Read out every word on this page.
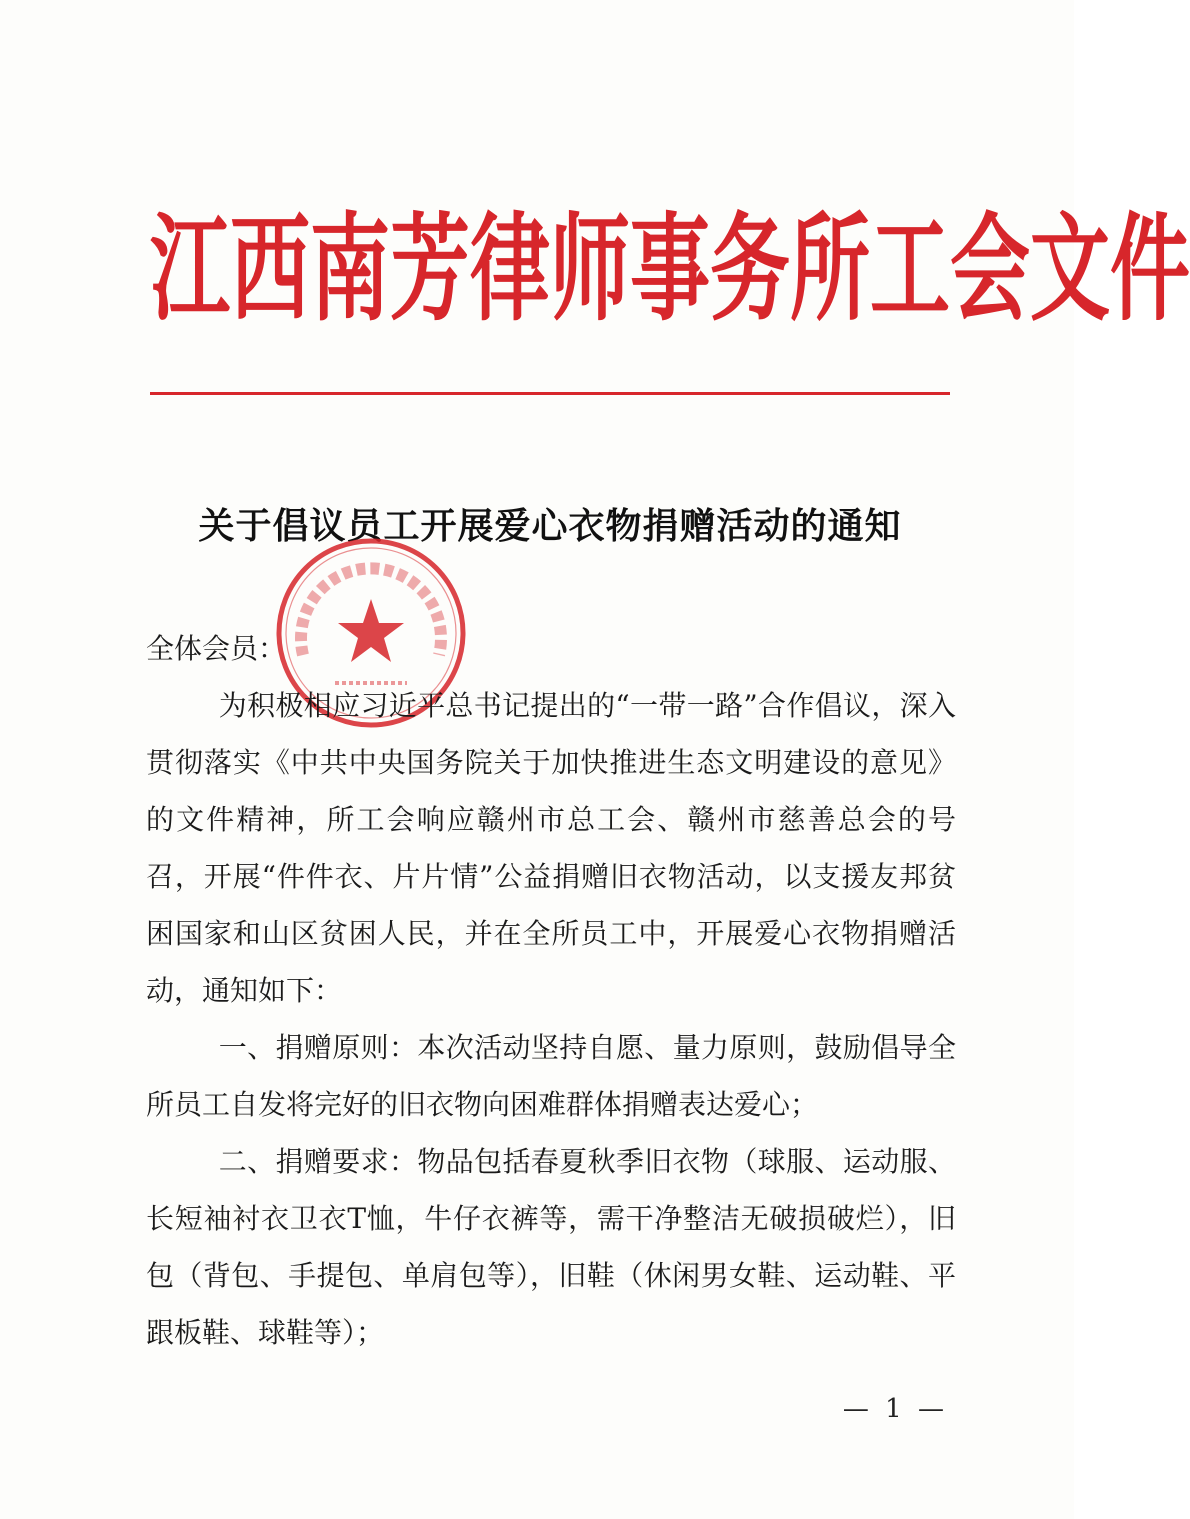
江西南芳律师事务所工会文件
关于倡议员工开展爱心衣物捐赠活动的通知

全体会员：

为积极相应习近平总书记提出的“一带一路”合作倡议，深入贯彻落实《中共中央国务院关于加快推进生态文明建设的意见》的文件精神，所工会响应赣州市总工会、赣州市慈善总会的号召，开展“件件衣、片片情”公益捐赠旧衣物活动，以支援友邦贫困国家和山区贫困人民，并在全所员工中，开展爱心衣物捐赠活动，通知如下：

一、捐赠原则：本次活动坚持自愿、量力原则，鼓励倡导全所员工自发将完好的旧衣物向困难群体捐赠表达爱心；

二、捐赠要求：物品包括春夏秋季旧衣物（球服、运动服、长短袖衬衣卫衣T恤，牛仔衣裤等，需干净整洁无破损破烂），旧包（背包、手提包、单肩包等），旧鞋（休闲男女鞋、运动鞋、平跟板鞋、球鞋等）；

— 1 —
